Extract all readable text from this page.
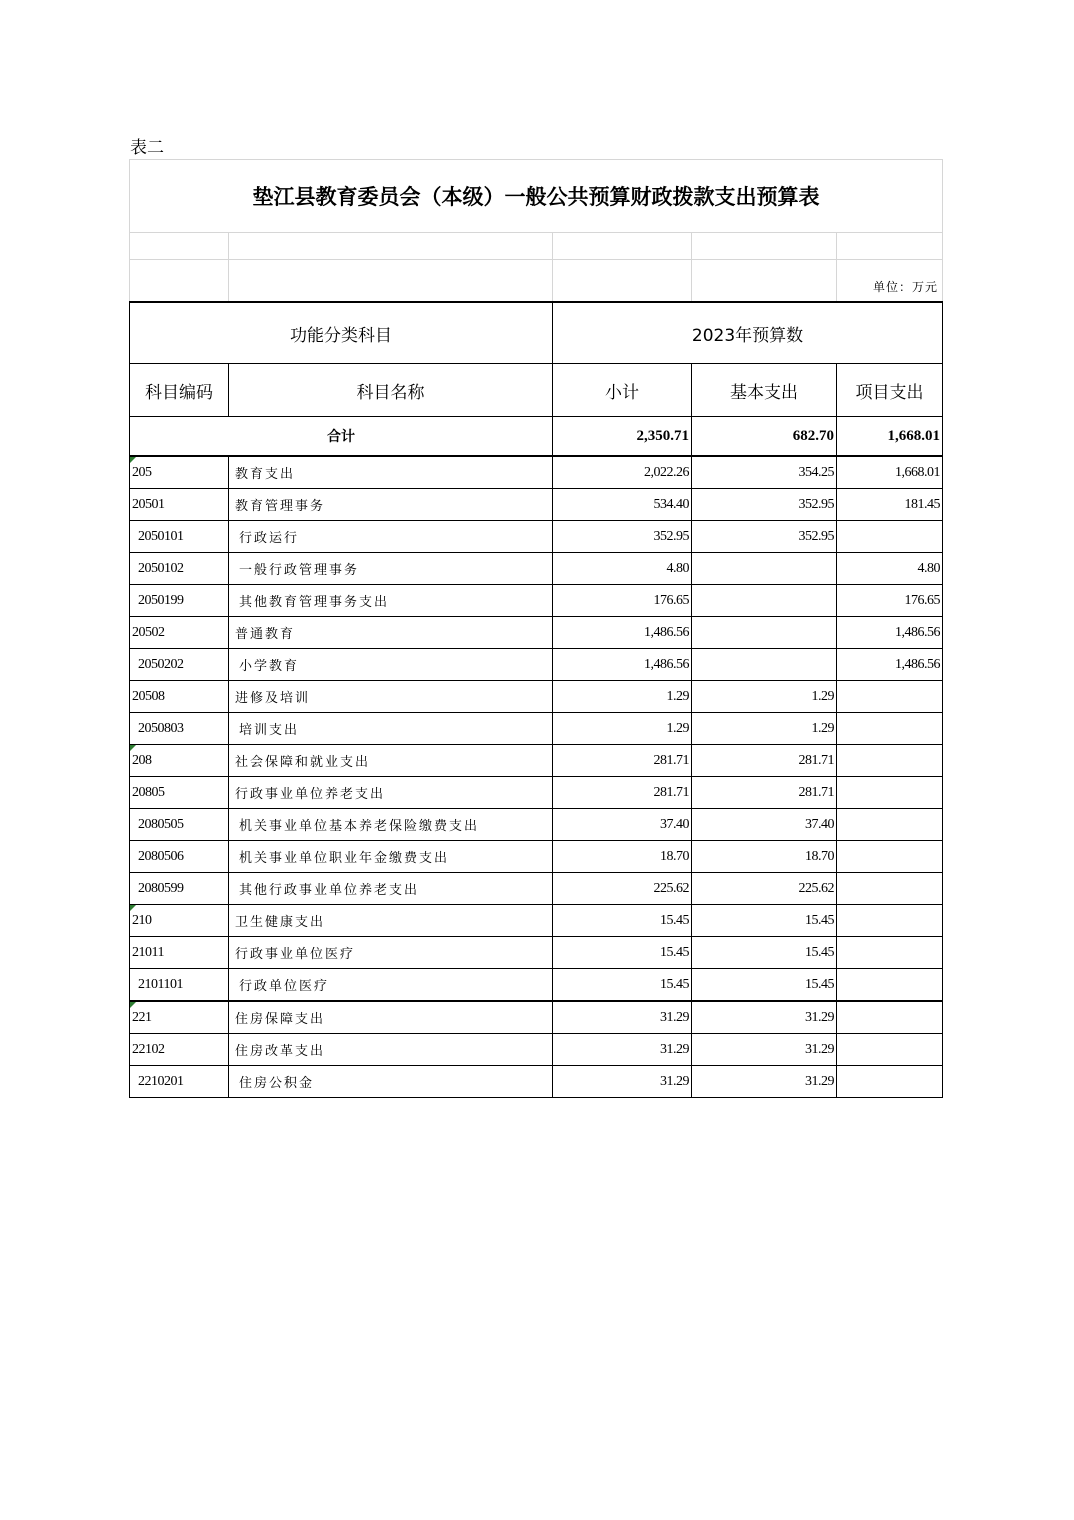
表二
垫江县教育委员会（本级）一般公共预算财政拨款支出预算表				

				单位：万元
功能分类科目		2023年预算数		
科目编码	科目名称	小计	基本支出	项目支出
合计		2,350.71	682.70	1,668.01
205	教育支出	2,022.26	354.25	1,668.01
20501	教育管理事务	534.40	352.95	181.45
2050101	行政运行	352.95	352.95	
2050102	一般行政管理事务	4.80		4.80
2050199	其他教育管理事务支出	176.65		176.65
20502	普通教育	1,486.56		1,486.56
2050202	小学教育	1,486.56		1,486.56
20508	进修及培训	1.29	1.29	
2050803	培训支出	1.29	1.29	
208	社会保障和就业支出	281.71	281.71	
20805	行政事业单位养老支出	281.71	281.71	
2080505	机关事业单位基本养老保险缴费支出	37.40	37.40	
2080506	机关事业单位职业年金缴费支出	18.70	18.70	
2080599	其他行政事业单位养老支出	225.62	225.62	
210	卫生健康支出	15.45	15.45	
21011	行政事业单位医疗	15.45	15.45	
2101101	行政单位医疗	15.45	15.45	
221	住房保障支出	31.29	31.29	
22102	住房改革支出	31.29	31.29	
2210201	住房公积金	31.29	31.29	
